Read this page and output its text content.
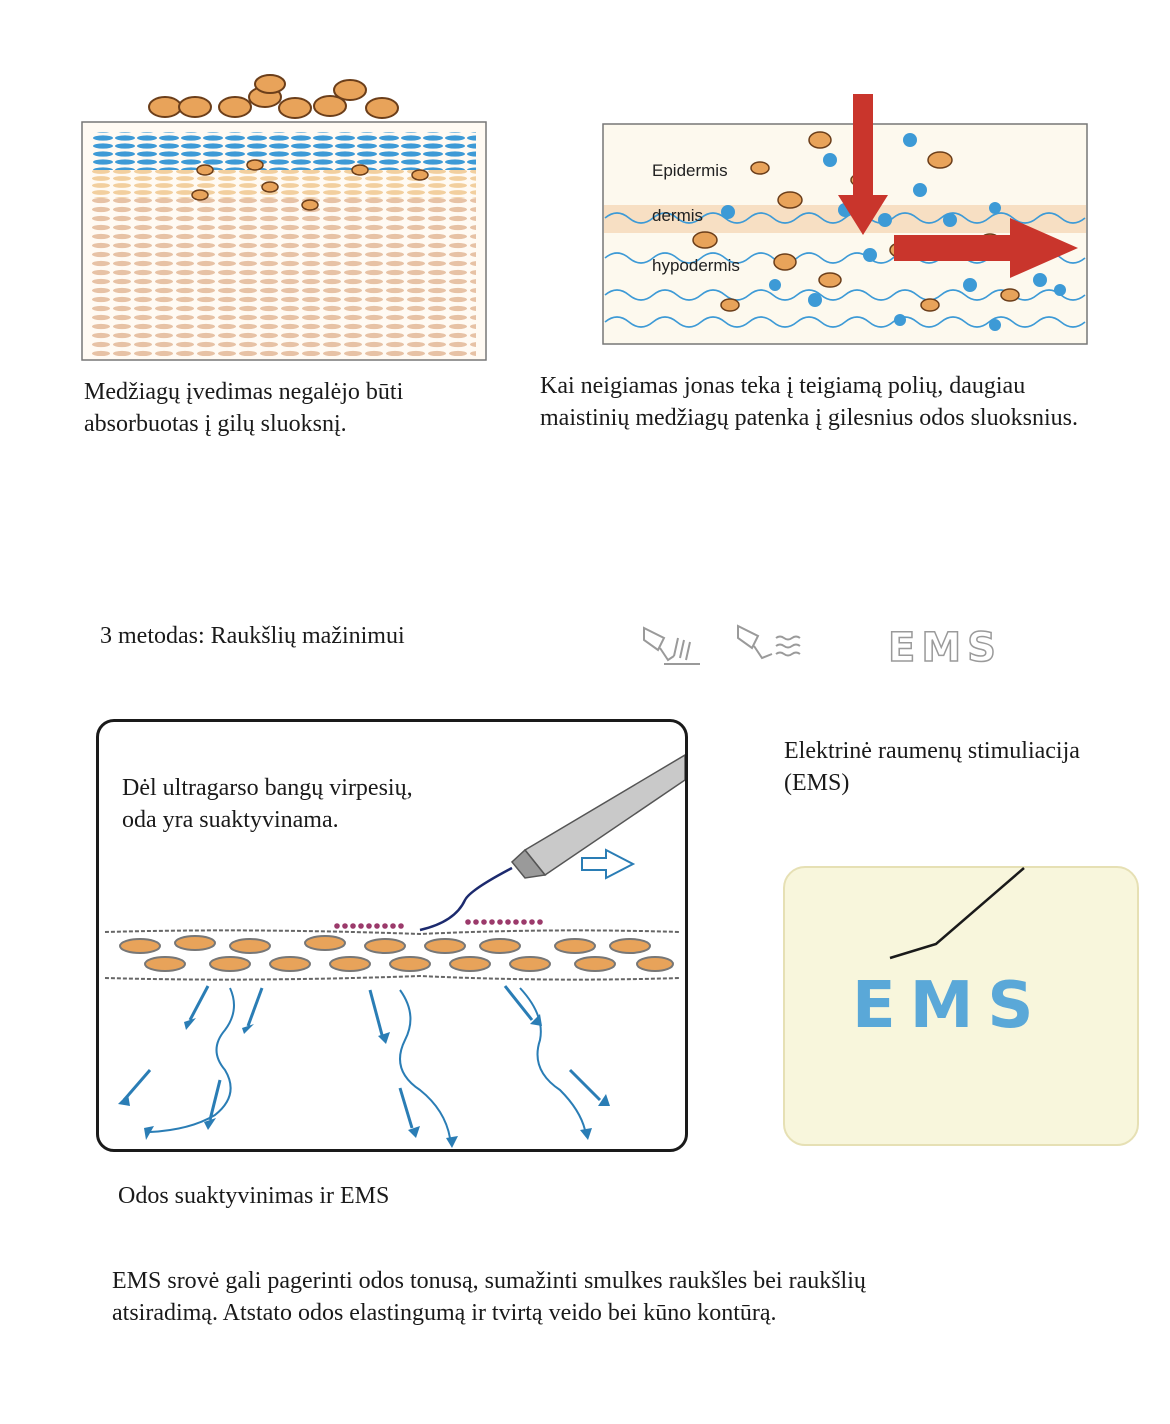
Medžiagų įvedimas negalėjo būti
absorbuotas į gilų sluoksnį.
Epidermis
dermis
hypodermis
Kai neigiamas jonas teka į teigiamą polių, daugiau
maistinių medžiagų patenka į gilesnius odos sluoksnius.
3 metodas: Raukšlių mažinimui	EMS
Dėl ultragarso bangų virpesių,
oda yra suaktyvinama.
Odos suaktyvinimas ir EMS
Elektrinė raumenų stimuliacija
(EMS)
EMS
EMS srovė gali pagerinti odos tonusą, sumažinti smulkes raukšles bei raukšlių
atsiradimą. Atstato odos elastingumą ir tvirtą veido bei kūno kontūrą.
